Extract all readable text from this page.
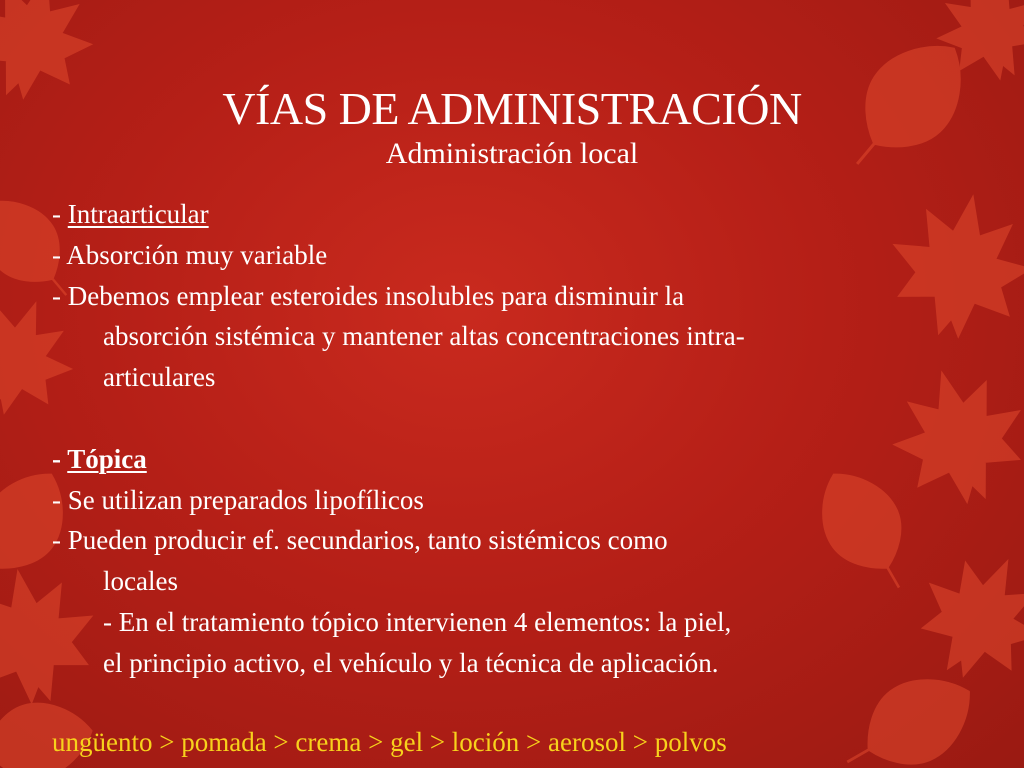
VÍAS DE ADMINISTRACIÓN
Administración local
- Intraarticular
- Absorción muy variable
- Debemos emplear esteroides insolubles para disminuir la
absorción sistémica y mantener altas concentraciones intra-
articulares
- Tópica
- Se utilizan preparados lipofílicos
- Pueden producir ef. secundarios, tanto sistémicos como
locales
- En el tratamiento tópico intervienen 4 elementos: la piel,
el principio activo, el vehículo y la técnica de aplicación.
ungüento > pomada > crema > gel > loción > aerosol > polvos
